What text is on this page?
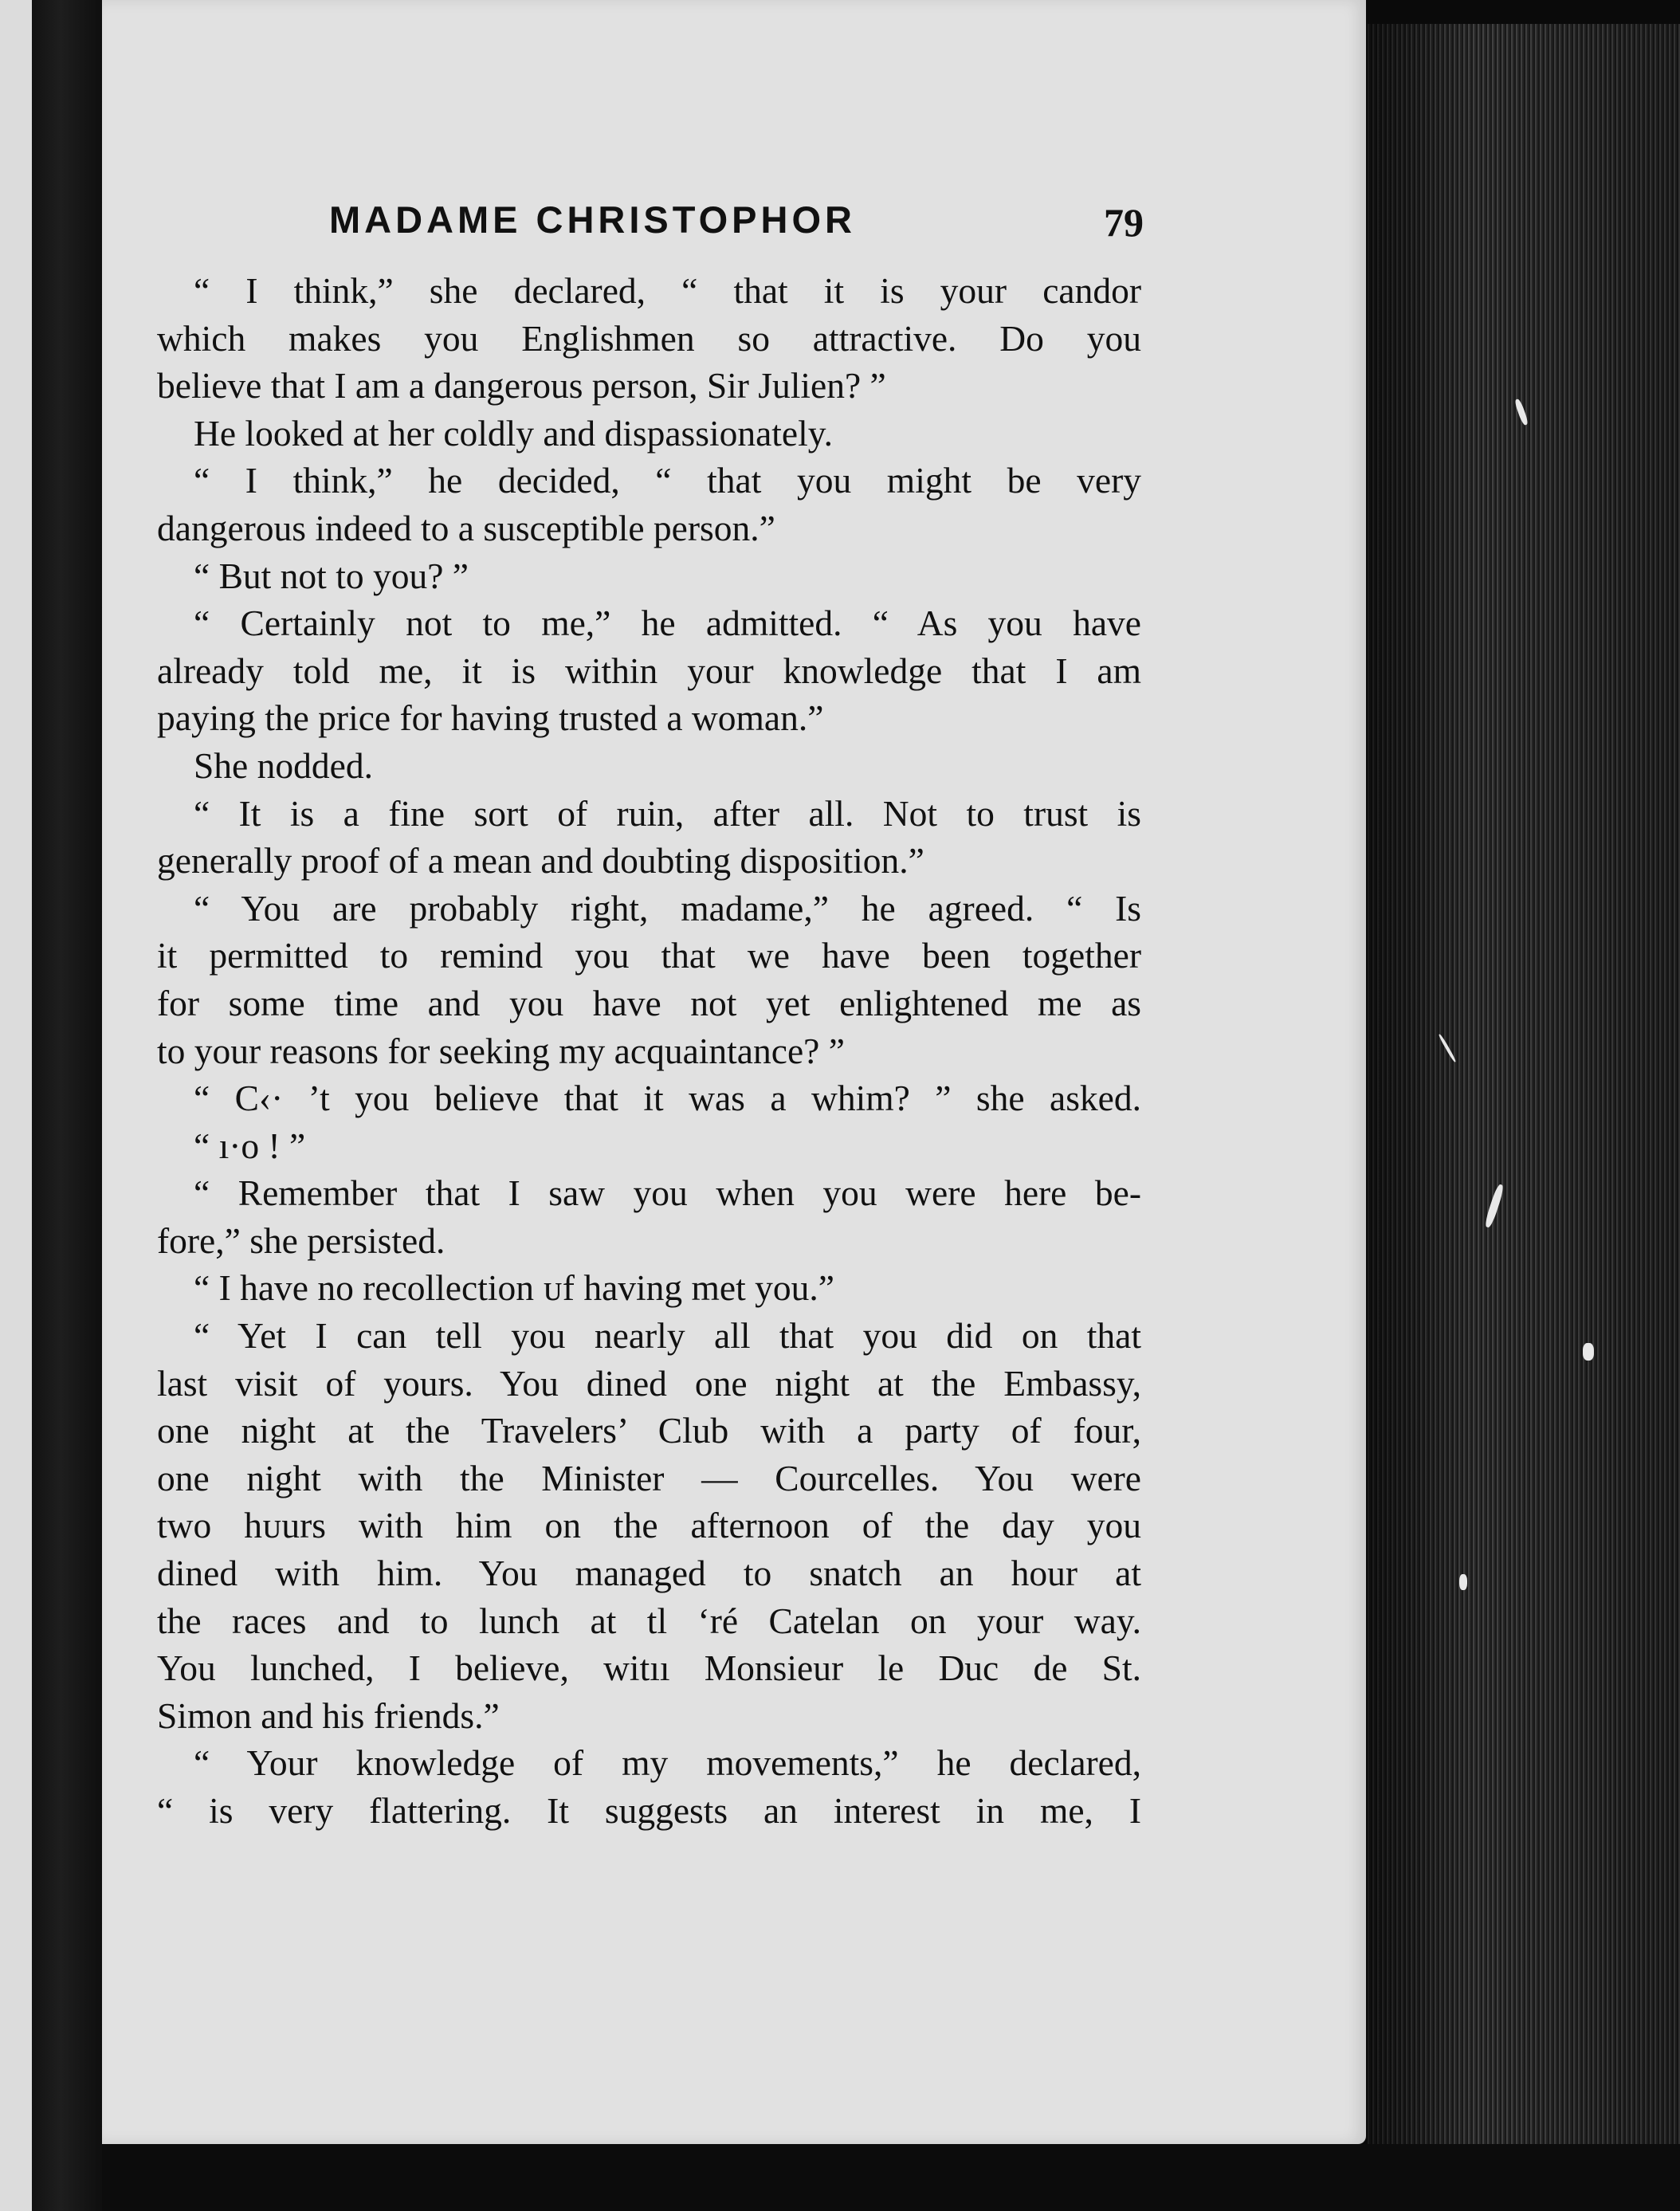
MADAME CHRISTOPHOR	79
“ I think,” she declared, “ that it is your candor
which makes you Englishmen so attractive. Do you
believe that I am a dangerous person, Sir Julien? ”
He looked at her coldly and dispassionately.
“ I think,” he decided, “ that you might be very
dangerous indeed to a susceptible person.”
“ But not to you? ”
“ Certainly not to me,” he admitted. “ As you have
already told me, it is within your knowledge that I am
paying the price for having trusted a woman.”
She nodded.
“ It is a fine sort of ruin, after all. Not to trust is
generally proof of a mean and doubting disposition.”
“ You are probably right, madame,” he agreed. “ Is
it permitted to remind you that we have been together
for some time and you have not yet enlightened me as
to your reasons for seeking my acquaintance? ”
“ C‹· ’t you believe that it was a whim? ” she asked.
“ ı·o ! ”
“ Remember that I saw you when you were here be-
fore,” she persisted.
“ I have no recollection ᴜf having met you.”
“ Yet I can tell you nearly all that you did on that
last visit of yours. You dined one night at the Embassy,
one night at the Travelers’ Club with a party of four,
one night with the Minister — Courcelles. You were
two hᴜurs with him on the afternoon of the day you
dined with him. You managed to snatch an hour at
the races and to lunch at tl ‘ré Catelan on your way.
You lunched, I believe, witıı Monsieur le Duc de St.
Simon and his friends.”
“ Your knowledge of my movements,” he declared,
“ is very flattering. It suggests an interest in me, I
